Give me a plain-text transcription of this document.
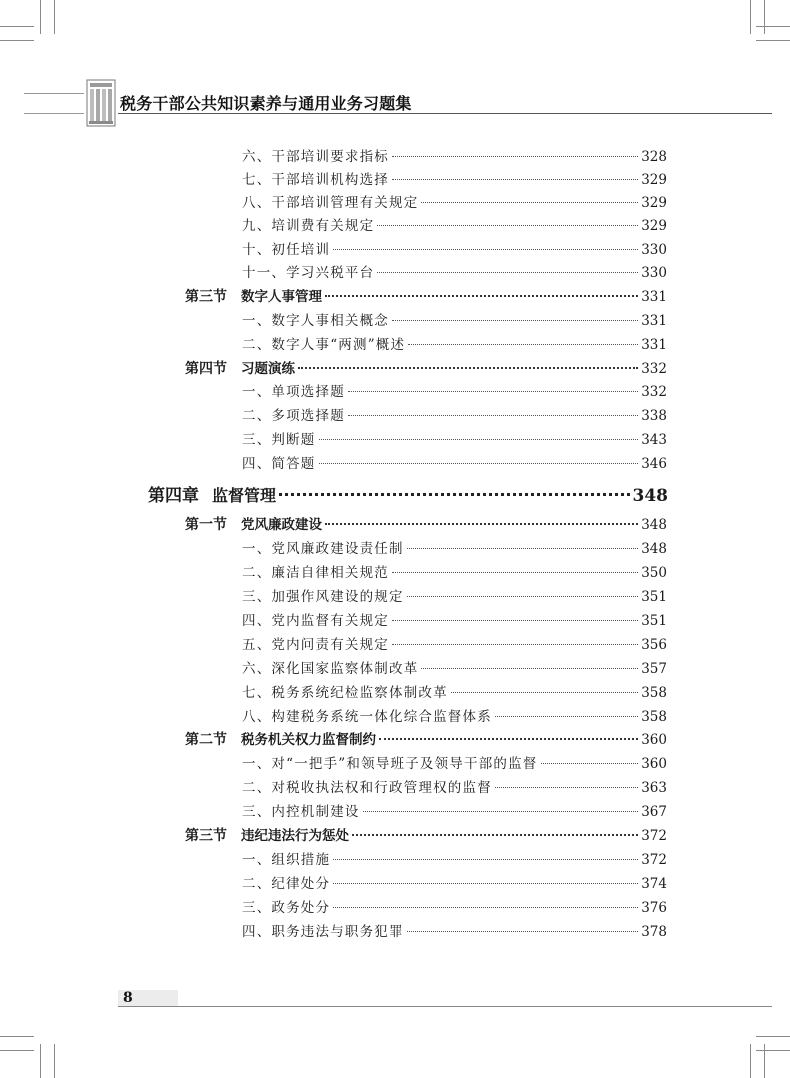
税务干部公共知识素养与通用业务习题集
六、干部培训要求指标	328
七、干部培训机构选择	329
八、干部培训管理有关规定	329
九、培训费有关规定	329
十、初任培训	330
十一、学习兴税平台	330
第三节	数字人事管理	331
一、数字人事相关概念	331
二、数字人事“两测”概述	331
第四节	习题演练	332
一、单项选择题	332
二、多项选择题	338
三、判断题	343
四、简答题	346
第四章 监督管理	348
第一节	党风廉政建设	348
一、党风廉政建设责任制	348
二、廉洁自律相关规范	350
三、加强作风建设的规定	351
四、党内监督有关规定	351
五、党内问责有关规定	356
六、深化国家监察体制改革	357
七、税务系统纪检监察体制改革	358
八、构建税务系统一体化综合监督体系	358
第二节	税务机关权力监督制约	360
一、对“一把手”和领导班子及领导干部的监督	360
二、对税收执法权和行政管理权的监督	363
三、内控机制建设	367
第三节	违纪违法行为惩处	372
一、组织措施	372
二、纪律处分	374
三、政务处分	376
四、职务违法与职务犯罪	378
8
